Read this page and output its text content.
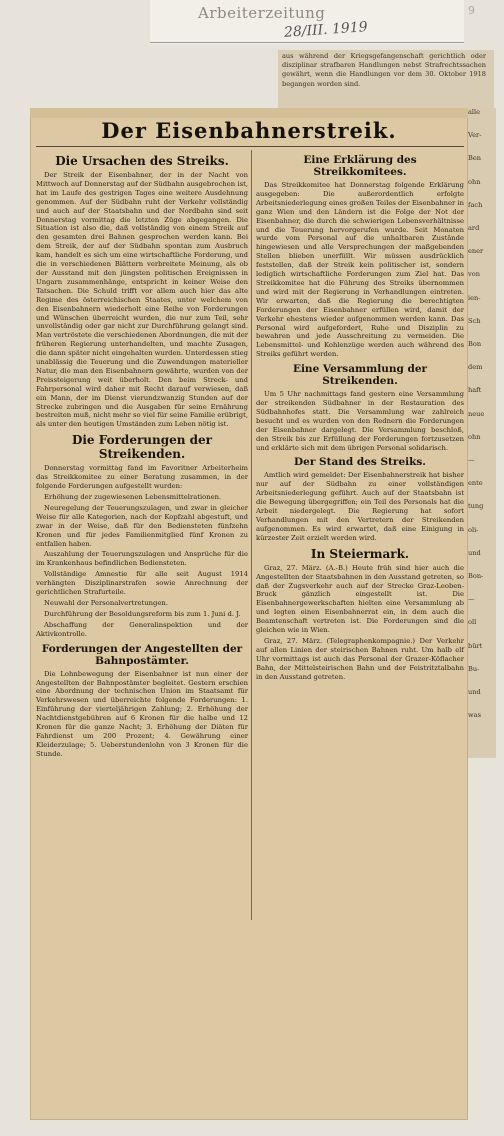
Arbeiterzeitung
28/III. 1919
9
aus während der Kriegsgefangenschaft gerichtlich oder disziplinar strafbaren Handlungen nebst Strafrechtssachen gewährt, wenn die Handlungen vor dem 30. Oktober 1918 begangen worden sind.
alle
Ver-
Ben
ohn
fach
ard
ener
von
ien-
Sch
Bon
dem
haft
neue
ohn
—
ente
tung
oli-
und
Bon-
—
oll
bürt
Bu-
und
was
Der Eisenbahnerstreik.
Die Ursachen des Streiks.

Der Streik der Eisenbahner, der in der Nacht von Mittwoch auf Donnerstag auf der Südbahn ausgebrochen ist, hat im Laufe des gestrigen Tages eine weitere Ausdehnung genommen. Auf der Südbahn ruht der Verkehr vollständig und auch auf der Staatsbahn und der Nordbahn sind seit Donnerstag vormittag die letzten Züge abgegangen. Die Situation ist also die, daß vollständig von einem Streik auf den gesamten drei Bahnen gesprochen werden kann. Bei dem Streik, der auf der Südbahn spontan zum Ausbruch kam, handelt es sich um eine wirtschaftliche Forderung, und die in verschiedenen Blättern verbreitete Meinung, als ob der Ausstand mit den jüngsten politischen Ereignissen in Ungarn zusammenhänge, entspricht in keiner Weise den Tatsachen. Die Schuld trifft vor allem auch hier das alte Regime des österreichischen Staates, unter welchem von den Eisenbahnern wiederholt eine Reihe von Forderungen und Wünschen überreicht wurden, die nur zum Teil, sehr unvollständig oder gar nicht zur Durchführung gelangt sind. Man vertröstete die verschiedenen Abordnungen, die mit der früheren Regierung unterhandelten, und machte Zusagen, die dann später nicht eingehalten wurden. Unterdessen stieg unablässig die Teuerung und die Zuwendungen materieller Natur, die man den Eisenbahnern gewährte, wurden von der Preissteigerung weit überholt. Den beim Streck- und Fahrpersonal wird daher mit Recht darauf verwiesen, daß ein Mann, der im Dienst vierundzwanzig Stunden auf der Strecke zubringen und die Ausgaben für seine Ernährung bestreiten muß, nicht mehr so viel für seine Familie erübrigt, als unter den heutigen Umständen zum Leben nötig ist.

Die Forderungen der Streikenden.

Donnerstag vormittag fand im Favoritner Arbeiterheim das Streikkomitee zu einer Beratung zusammen, in der folgende Forderungen aufgestellt wurden:

Erhöhung der zugewiesenen Lebensmittelrationen.

Neuregelung der Teuerungszulagen, und zwar in gleicher Weise für alle Kategorien, nach der Kopfzahl abgestuft, und zwar in der Weise, daß für den Bediensteten fünfzehn Kronen und für jedes Familienmitglied fünf Kronen zu entfallen haben.

Auszahlung der Teuerungszulagen und Ansprüche für die im Krankenhaus befindlichen Bediensteten.

Vollständige Amnestie für alle seit August 1914 verhängten Disziplinarstrafen sowie Anrechnung der gerichtlichen Strafurteile.

Neuwahl der Personalvertretungen.

Durchführung der Besoldungsreform bis zum 1. Juni d. J.

Abschaffung der Generalinspektion und der Aktivkontrolle.

Forderungen der Angestellten der Bahnpostämter.

Die Lohnbewegung der Eisenbahner ist nun einer der Angestellten der Bahnpostämter begleitet. Gestern erschien eine Abordnung der technischen Union im Staatsamt für Verkehrswesen und überreichte folgende Forderungen: 1. Einführung der vierteljährigen Zahlung; 2. Erhöhung der Nachtdienstgebühren auf 6 Kronen für die halbe und 12 Kronen für die ganze Nacht; 3. Erhöhung der Diäten für Fahrdienst um 200 Prozent; 4. Gewährung einer Kleiderzulage; 5. Ueberstundenlohn von 3 Kronen für die Stunde.

Eine Erklärung des Streikkomitees.

Das Streikkomitee hat Donnerstag folgende Erklärung ausgegeben: Die außerordentlich erfolgte Arbeitsniederlegung eines großen Teiles der Eisenbahner in ganz Wien und den Ländern ist die Folge der Not der Eisenbahner, die durch die schwierigen Lebensverhältnisse und die Teuerung hervorgerufen wurde. Seit Monaten wurde vom Personal auf die unhaltbaren Zustände hingewiesen und alle Versprechungen der maßgebenden Stellen blieben unerfüllt. Wir müssen ausdrücklich feststellen, daß der Streik kein politischer ist, sondern lediglich wirtschaftliche Forderungen zum Ziel hat. Das Streikkomitee hat die Führung des Streiks übernommen und wird mit der Regierung in Verhandlungen eintreten. Wir erwarten, daß die Regierung die berechtigten Forderungen der Eisenbahner erfüllen wird, damit der Verkehr ehestens wieder aufgenommen werden kann. Das Personal wird aufgefordert, Ruhe und Disziplin zu bewahren und jede Ausschreitung zu vermeiden. Die Lebensmittel- und Kohlenzüge werden auch während des Streiks geführt werden.

Eine Versammlung der Streikenden.

Um 5 Uhr nachmittags fand gestern eine Versammlung der streikenden Südbahner in der Restauration des Südbahnhofes statt. Die Versammlung war zahlreich besucht und es wurden von den Rednern die Forderungen der Eisenbahner dargelegt. Die Versammlung beschloß, den Streik bis zur Erfüllung der Forderungen fortzusetzen und erklärte sich mit dem übrigen Personal solidarisch.

Der Stand des Streiks.

Amtlich wird gemeldet: Der Eisenbahnerstreik hat bisher nur auf der Südbahn zu einer vollständigen Arbeitsniederlegung geführt. Auch auf der Staatsbahn ist die Bewegung übergegriffen; ein Teil des Personals hat die Arbeit niedergelegt. Die Regierung hat sofort Verhandlungen mit den Vertretern der Streikenden aufgenommen. Es wird erwartet, daß eine Einigung in kürzester Zeit erzielt werden wird.

In Steiermark.

Graz, 27. März. (A.-B.) Heute früh sind hier auch die Angestellten der Staatsbahnen in den Ausstand getreten, so daß der Zugsverkehr auch auf der Strecke Graz-Leoben-Bruck gänzlich eingestellt ist. Die Eisenbahnergewerkschaften hielten eine Versammlung ab und legten einen Eisenbahnerrat ein, in dem auch die Beamtenschaft vertreten ist. Die Forderungen sind die gleichen wie in Wien.

Graz, 27. März. (Telegraphenkompagnie.) Der Verkehr auf allen Linien der steirischen Bahnen ruht. Um halb elf Uhr vormittags ist auch das Personal der Grazer-Köflacher Bahn, der Mittelsteirischen Bahn und der Feistritztalbahn in den Ausstand getreten.
